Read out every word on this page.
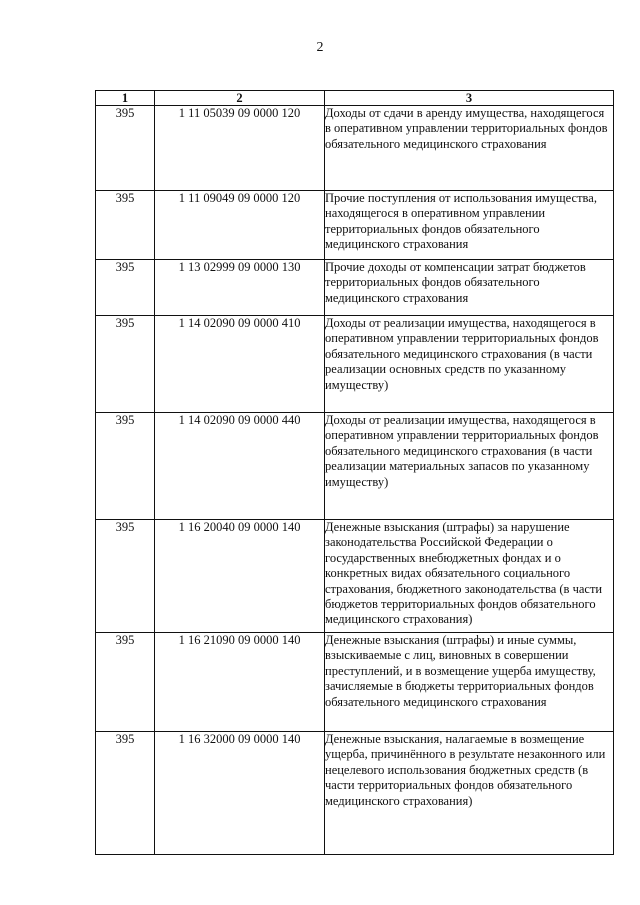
2
1	2	3
395	1 11 05039 09 0000 120	Доходы от сдачи в аренду имущества, находящегося в оперативном управлении территориальных фондов обязательного медицинского страхования
395	1 11 09049 09 0000 120	Прочие поступления от использования имущества, находящегося в оперативном управлении территориальных фондов обязательного медицинского страхования
395	1 13 02999 09 0000 130	Прочие доходы от компенсации затрат бюджетов территориальных фондов обязательного медицинского страхования
395	1 14 02090 09 0000 410	Доходы от реализации имущества, находящегося в оперативном управлении территориальных фондов обязательного медицинского страхования (в части реализации основных средств по указанному имуществу)
395	1 14 02090 09 0000 440	Доходы от реализации имущества, находящегося в оперативном управлении территориальных фондов обязательного медицинского страхования (в части реализации материальных запасов по указанному имуществу)
395	1 16 20040 09 0000 140	Денежные взыскания (штрафы) за нарушение законодательства Российской Федерации о государственных внебюджетных фондах и о конкретных видах обязательного социального страхования, бюджетного законодательства (в части бюджетов территориальных фондов обязательного медицинского страхования)
395	1 16 21090 09 0000 140	Денежные взыскания (штрафы) и иные суммы, взыскиваемые с лиц, виновных в совершении преступлений, и в возмещение ущерба имуществу, зачисляемые в бюджеты территориальных фондов обязательного медицинского страхования
395	1 16 32000 09 0000 140	Денежные взыскания, налагаемые в возмещение ущерба, причинённого в результате незаконного или нецелевого использования бюджетных средств (в части территориальных фондов обязательного медицинского страхования)
